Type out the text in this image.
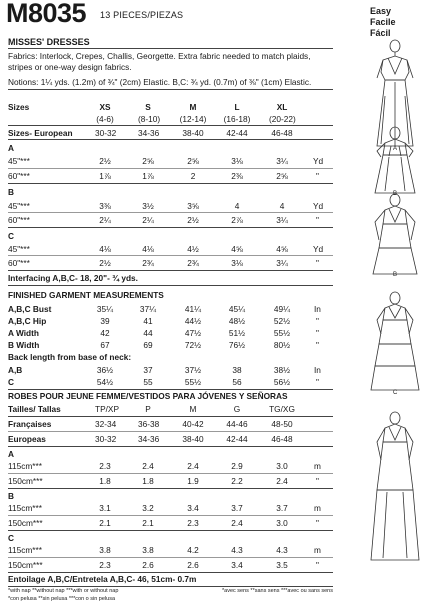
M8035 13 PIECES/PIEZAS	Easy
Facile
Fácil
MISSES' DRESSES
Fabrics: Interlock, Crepes, Challis, Georgette. Extra fabric needed to match plaids,
stripes or one-way design fabrics.
Notions: 1¼ yds. (1.2m) of ¾" (2cm) Elastic. B,C: ¾ yd. (0.7m) of ⅜" (1cm) Elastic.
Sizes	XS	S	M	L	XL
(4-6)	(8-10) (12-14) (16-18) (20-22)
Sizes- European	30-32	34-36	38-40	42-44	46-48
A
45"***	2½	2⅝	2⅝	3⅛	3¼	Yd
60"***	1⅞	1⅞	2	2⅜	2⅝	"
B
45"***	3⅜	3½	3⅝	4	4	Yd
60"***	2¼	2¼	2½	2⅞	3¼	"
C
45"***	4⅛	4⅛	4½	4⅝	4⅝	Yd
60"***	2½	2¾	2¾	3⅛	3¼	"
Interfacing A,B,C- 18, 20"- ¾ yds.
FINISHED GARMENT MEASUREMENTS
A,B,C Bust	35¼	37¼	41¼	45¼	49¼	In
A,B,C Hip	39	41	44½	48½	52½	"
A Width	42	44	47½	51½	55½	"
B Width	67	69	72½	76½	80½	"
Back length from base of neck:
A,B	36½	37	37½	38	38½	In
C	54½	55	55½	56	56½	"
ROBES POUR JEUNE FEMME/VESTIDOS PARA JÓVENES Y SEÑORAS
Tailles/ Tallas	TP/XP	P	M	G	TG/XG
Françaises	32-34	36-38	40-42	44-46	48-50
Europeas	30-32	34-36	38-40	42-44	46-48
A
115cm***	2.3	2.4	2.4	2.9	3.0	m
150cm***	1.8	1.8	1.9	2.2	2.4	"
B
115cm***	3.1	3.2	3.4	3.7	3.7	m
150cm***	2.1	2.1	2.3	2.4	3.0	"
C
115cm***	3.8	3.8	4.2	4.3	4.3	m
150cm***	2.3	2.6	2.6	3.4	3.5	"
Entoilage A,B,C/Entretela A,B,C- 46, 51cm- 0.7m
*with nap **without nap ***with or without nap	*avec sens **sans sens ***avec ou sans sens
*con pelusa **sin pelusa ***con o sin pelusa
A
B
B
C
